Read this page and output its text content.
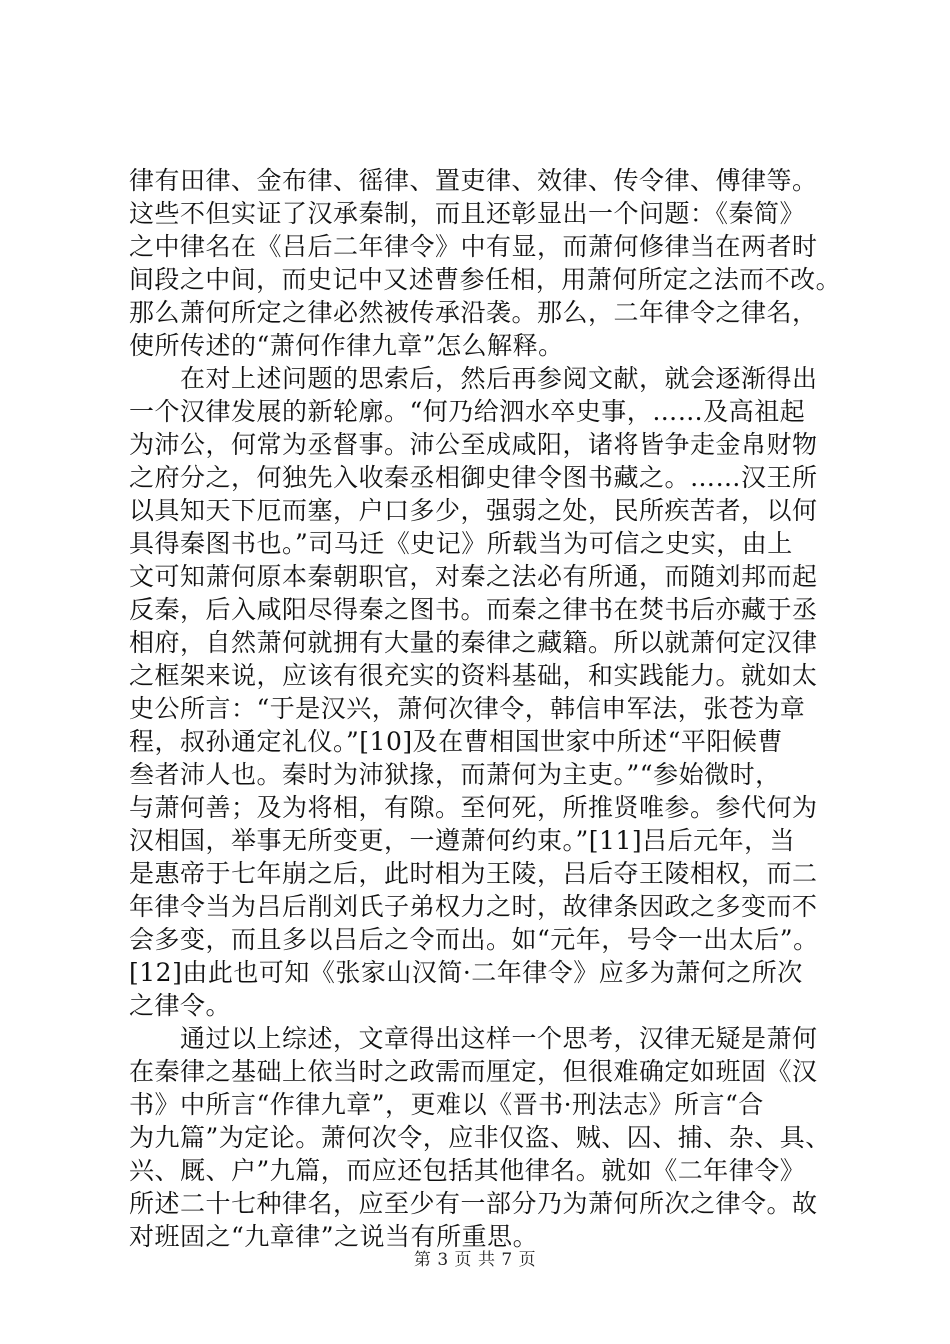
律有田律、金布律、徭律、置吏律、效律、传令律、傅律等。
这些不但实证了汉承秦制，而且还彰显出一个问题：《秦简》
之中律名在《吕后二年律令》中有显，而萧何修律当在两者时
间段之中间，而史记中又述曹参任相，用萧何所定之法而不改。
那么萧何所定之律必然被传承沿袭。那么，二年律令之律名，
使所传述的“萧何作律九章”怎么解释。
　　在对上述问题的思索后，然后再参阅文献，就会逐渐得出
一个汉律发展的新轮廓。“何乃给泗水卒史事，……及高祖起
为沛公，何常为丞督事。沛公至成咸阳，诸将皆争走金帛财物
之府分之，何独先入收秦丞相御史律令图书藏之。……汉王所
以具知天下厄而塞，户口多少，强弱之处，民所疾苦者，以何
具得秦图书也。”司马迁《史记》所载当为可信之史实，由上
文可知萧何原本秦朝职官，对秦之法必有所通，而随刘邦而起
反秦，后入咸阳尽得秦之图书。而秦之律书在焚书后亦藏于丞
相府，自然萧何就拥有大量的秦律之藏籍。所以就萧何定汉律
之框架来说，应该有很充实的资料基础，和实践能力。就如太
史公所言：“于是汉兴，萧何次律令，韩信申军法，张苍为章
程，叔孙通定礼仪。”[10]及在曹相国世家中所述“平阳候曹
叁者沛人也。秦时为沛狱掾，而萧何为主吏。”“参始微时，
与萧何善；及为将相，有隙。至何死，所推贤唯参。参代何为
汉相国，举事无所变更，一遵萧何约束。”[11]吕后元年，当
是惠帝于七年崩之后，此时相为王陵，吕后夺王陵相权，而二
年律令当为吕后削刘氏子弟权力之时，故律条因政之多变而不
会多变，而且多以吕后之令而出。如“元年，号令一出太后”。
[12]由此也可知《张家山汉简·二年律令》应多为萧何之所次
之律令。
　　通过以上综述，文章得出这样一个思考，汉律无疑是萧何
在秦律之基础上依当时之政需而厘定，但很难确定如班固《汉
书》中所言“作律九章”，更难以《晋书·刑法志》所言“合
为九篇”为定论。萧何次令，应非仅盗、贼、囚、捕、杂、具、
兴、厩、户”九篇，而应还包括其他律名。就如《二年律令》
所述二十七种律名，应至少有一部分乃为萧何所次之律令。故
对班固之“九章律”之说当有所重思。
第 3 页 共 7 页
